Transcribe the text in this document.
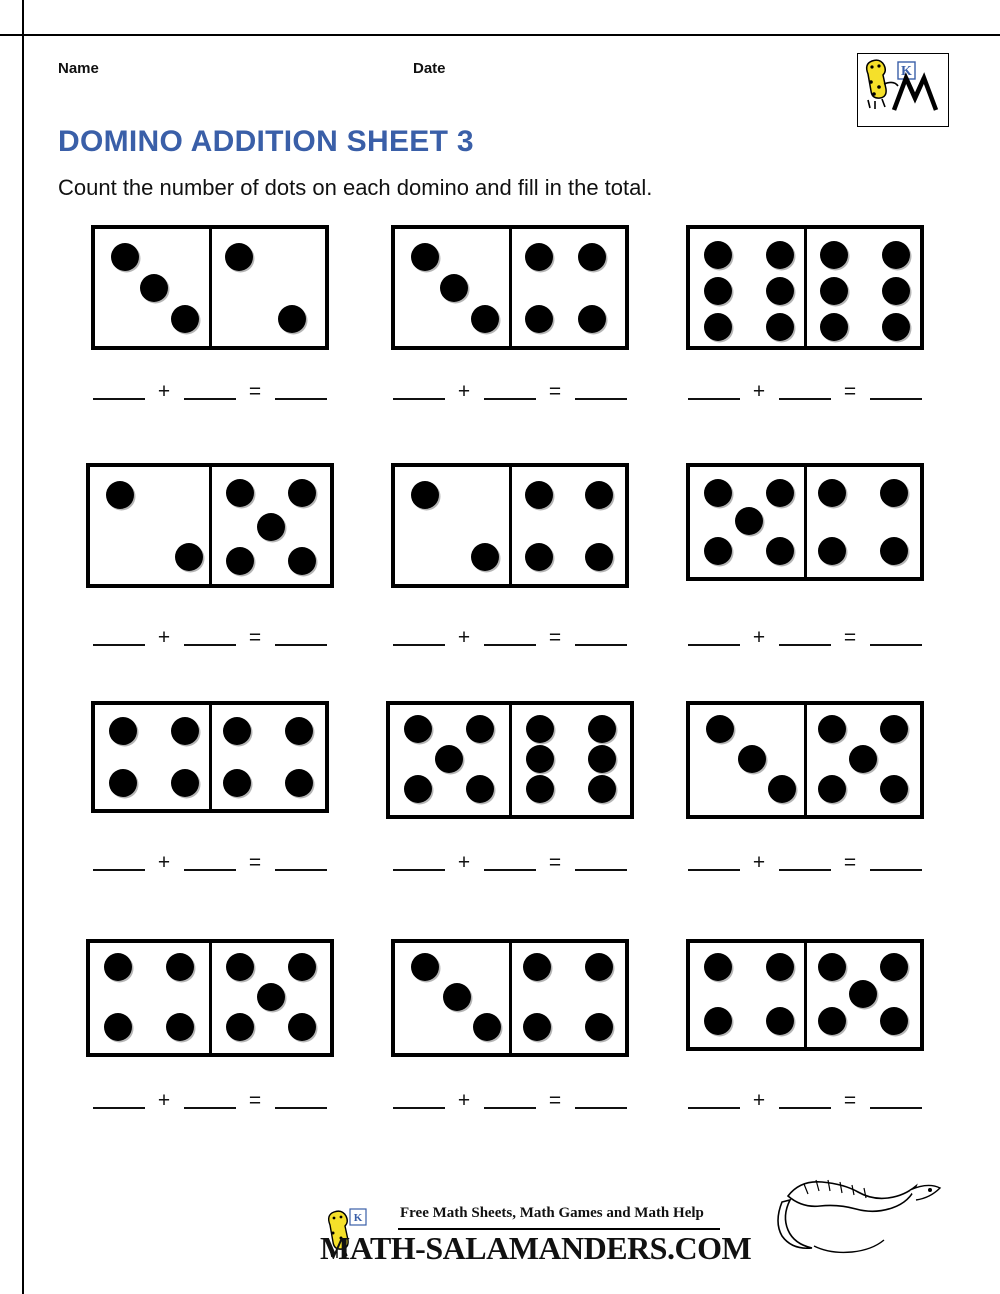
Name	Date	K
DOMINO ADDITION SHEET 3
Count the number of dots on each domino and fill in the total.
+	=	+	=	+	=
+	=	+	=	+	=
+	=	+	=	+	=
+	=	+	=	+	=
K	Free Math Sheets, Math Games and Math Help
MATH-SALAMANDERS.COM
